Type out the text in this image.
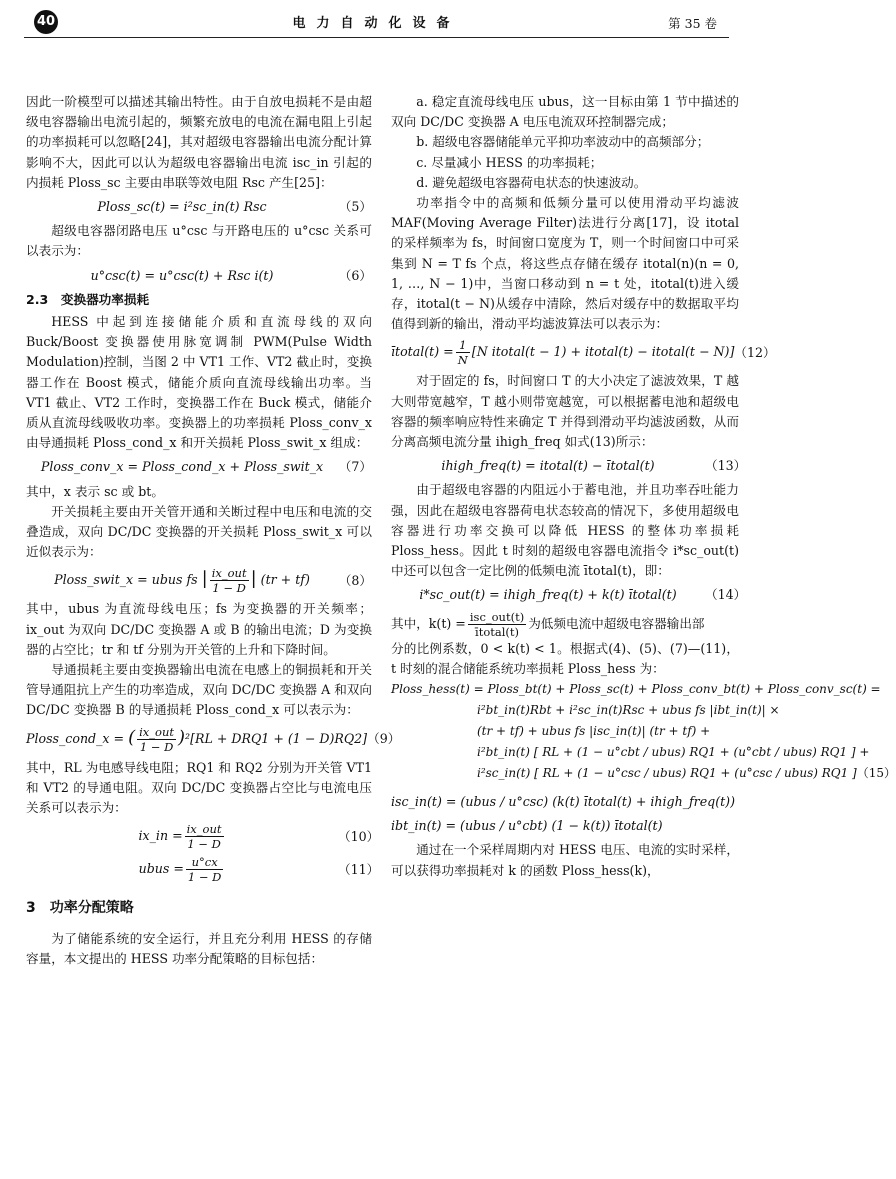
40	电力自动化设备	第 35 卷

因此一阶模型可以描述其输出特性。由于自放电损耗不是由超级电容器输出电流引起的，频繁充放电的电流在漏电阻上引起的功率损耗可以忽略[24]，其对超级电容器输出电流分配计算影响不大，因此可以认为超级电容器输出电流 isc_in 引起的内损耗 Ploss_sc 主要由串联等效电阻 Rsc 产生[25]：

Ploss_sc(t) = i²sc_in(t) Rsc	（5）

超级电容器闭路电压 u°csc 与开路电压的 u°csc 关系可以表示为：

u°csc(t) = u°csc(t) + Rsc i(t)	（6）
2.3　变换器功率损耗

HESS 中起到连接储能介质和直流母线的双向 Buck/Boost 变换器使用脉宽调制 PWM(Pulse Width Modulation)控制，当图 2 中 VT1 工作、VT2 截止时，变换器工作在 Boost 模式，储能介质向直流母线输出功率。当 VT1 截止、VT2 工作时，变换器工作在 Buck 模式，储能介质从直流母线吸收功率。变换器上的功率损耗 Ploss_conv_x 由导通损耗 Ploss_cond_x 和开关损耗 Ploss_swit_x 组成：

Ploss_conv_x = Ploss_cond_x + Ploss_swit_x	（7）

其中，x 表示 sc 或 bt。

开关损耗主要由开关管开通和关断过程中电压和电流的交叠造成，双向 DC/DC 变换器的开关损耗 Ploss_swit_x 可以近似表示为：

Ploss_swit_x = ubus fs | $\frac{\text{ix\_out}}{1 - D}$ | (tr + tf)	（8）

其中，ubus 为直流母线电压；fs 为变换器的开关频率；ix_out 为双向 DC/DC 变换器 A 或 B 的输出电流；D 为变换器的占空比；tr 和 tf 分别为开关管的上升和下降时间。

导通损耗主要由变换器输出电流在电感上的铜损耗和开关管导通阻抗上产生的功率造成，双向 DC/DC 变换器 A 和双向 DC/DC 变换器 B 的导通损耗 Ploss_cond_x 可以表示为：

Ploss_cond_x = ( $\frac{\text{ix\_out}}{1 - D} )^2[RL + DRQ1 + (1 - D)RQ2]$ （9）

其中，RL 为电感导线电阻；RQ1 和 RQ2 分别为开关管 VT1 和 VT2 的导通电阻。双向 DC/DC 变换器占空比与电流电压关系可以表示为：

ix_in = $\frac{\text{ix\_out}}{1 - D}$	（10）
ubus = $\frac{u^\circ cx}{1 - D}$	（11）
3　功率分配策略

为了储能系统的安全运行，并且充分利用 HESS 的存储容量，本文提出的 HESS 功率分配策略的目标包括：

a. 稳定直流母线电压 ubus，这一目标由第 1 节中描述的双向 DC/DC 变换器 A 电压电流双环控制器完成；

b. 超级电容器储能单元平抑功率波动中的高频部分；

c. 尽量减小 HESS 的功率损耗；

d. 避免超级电容器荷电状态的快速波动。

功率指令中的高频和低频分量可以使用滑动平均滤波 MAF(Moving Average Filter)法进行分离[17]，设 itotal 的采样频率为 fs，时间窗口宽度为 T，则一个时间窗口中可采集到 N = T fs 个点，将这些点存储在缓存 itotal(n)(n = 0, 1, …, N − 1)中，当窗口移动到 n = t 处，itotal(t)进入缓存，itotal(t − N)从缓存中清除，然后对缓存中的数据取平均值得到新的输出，滑动平均滤波算法可以表示为：

ītotal(t) = $\frac{1}{N} [N$ itotal(t − 1) + itotal(t) − itotal(t − N)] （12）

对于固定的 fs，时间窗口 T 的大小决定了滤波效果，T 越大则带宽越窄，T 越小则带宽越宽，可以根据蓄电池和超级电容器的频率响应特性来确定 T 并得到滑动平均滤波函数，从而分离高频电流分量 ihigh_freq 如式(13)所示：

ihigh_freq(t) = itotal(t) − ītotal(t)	（13）

由于超级电容器的内阻远小于蓄电池，并且功率吞吐能力强，因此在超级电容器荷电状态较高的情况下，多使用超级电容器进行功率交换可以降低 HESS 的整体功率损耗 Ploss_hess。因此 t 时刻的超级电容器电流指令 i*sc_out(t)中还可以包含一定比例的低频电流 ītotal(t)，即：

i*sc_out(t) = ihigh_freq(t) + k(t) ītotal(t)	（14）

其中，$k(t) = \frac{\text{isc\_out(t)}}{\text{ītotal(t)}}$ 为低频电流中超级电容器输出部

分的比例系数，0 < k(t) < 1。根据式(4)、(5)、(7)—(11)，t 时刻的混合储能系统功率损耗 Ploss_hess 为：

Ploss_hess(t) = Ploss_bt(t) + Ploss_sc(t) + Ploss_conv_bt(t) + Ploss_conv_sc(t) =
i²bt_in(t)Rbt + i²sc_in(t)Rsc + ubus fs |ibt_in(t)| ×
(tr + tf) + ubus fs |isc_in(t)| (tr + tf) +
i²bt_in(t) [ RL + (1 − u°cbt / ubus) RQ1 + (u°cbt / ubus) RQ1 ] +
i²sc_in(t) [ RL + (1 − u°csc / ubus) RQ1 + (u°csc / ubus) RQ1 ] （15）
isc_in(t) = (ubus / u°csc) (k(t) ītotal(t) + ihigh_freq(t))
ibt_in(t) = (ubus / u°cbt) (1 − k(t)) ītotal(t)

通过在一个采样周期内对 HESS 电压、电流的实时采样，可以获得功率损耗对 k 的函数 Ploss_hess(k)，
